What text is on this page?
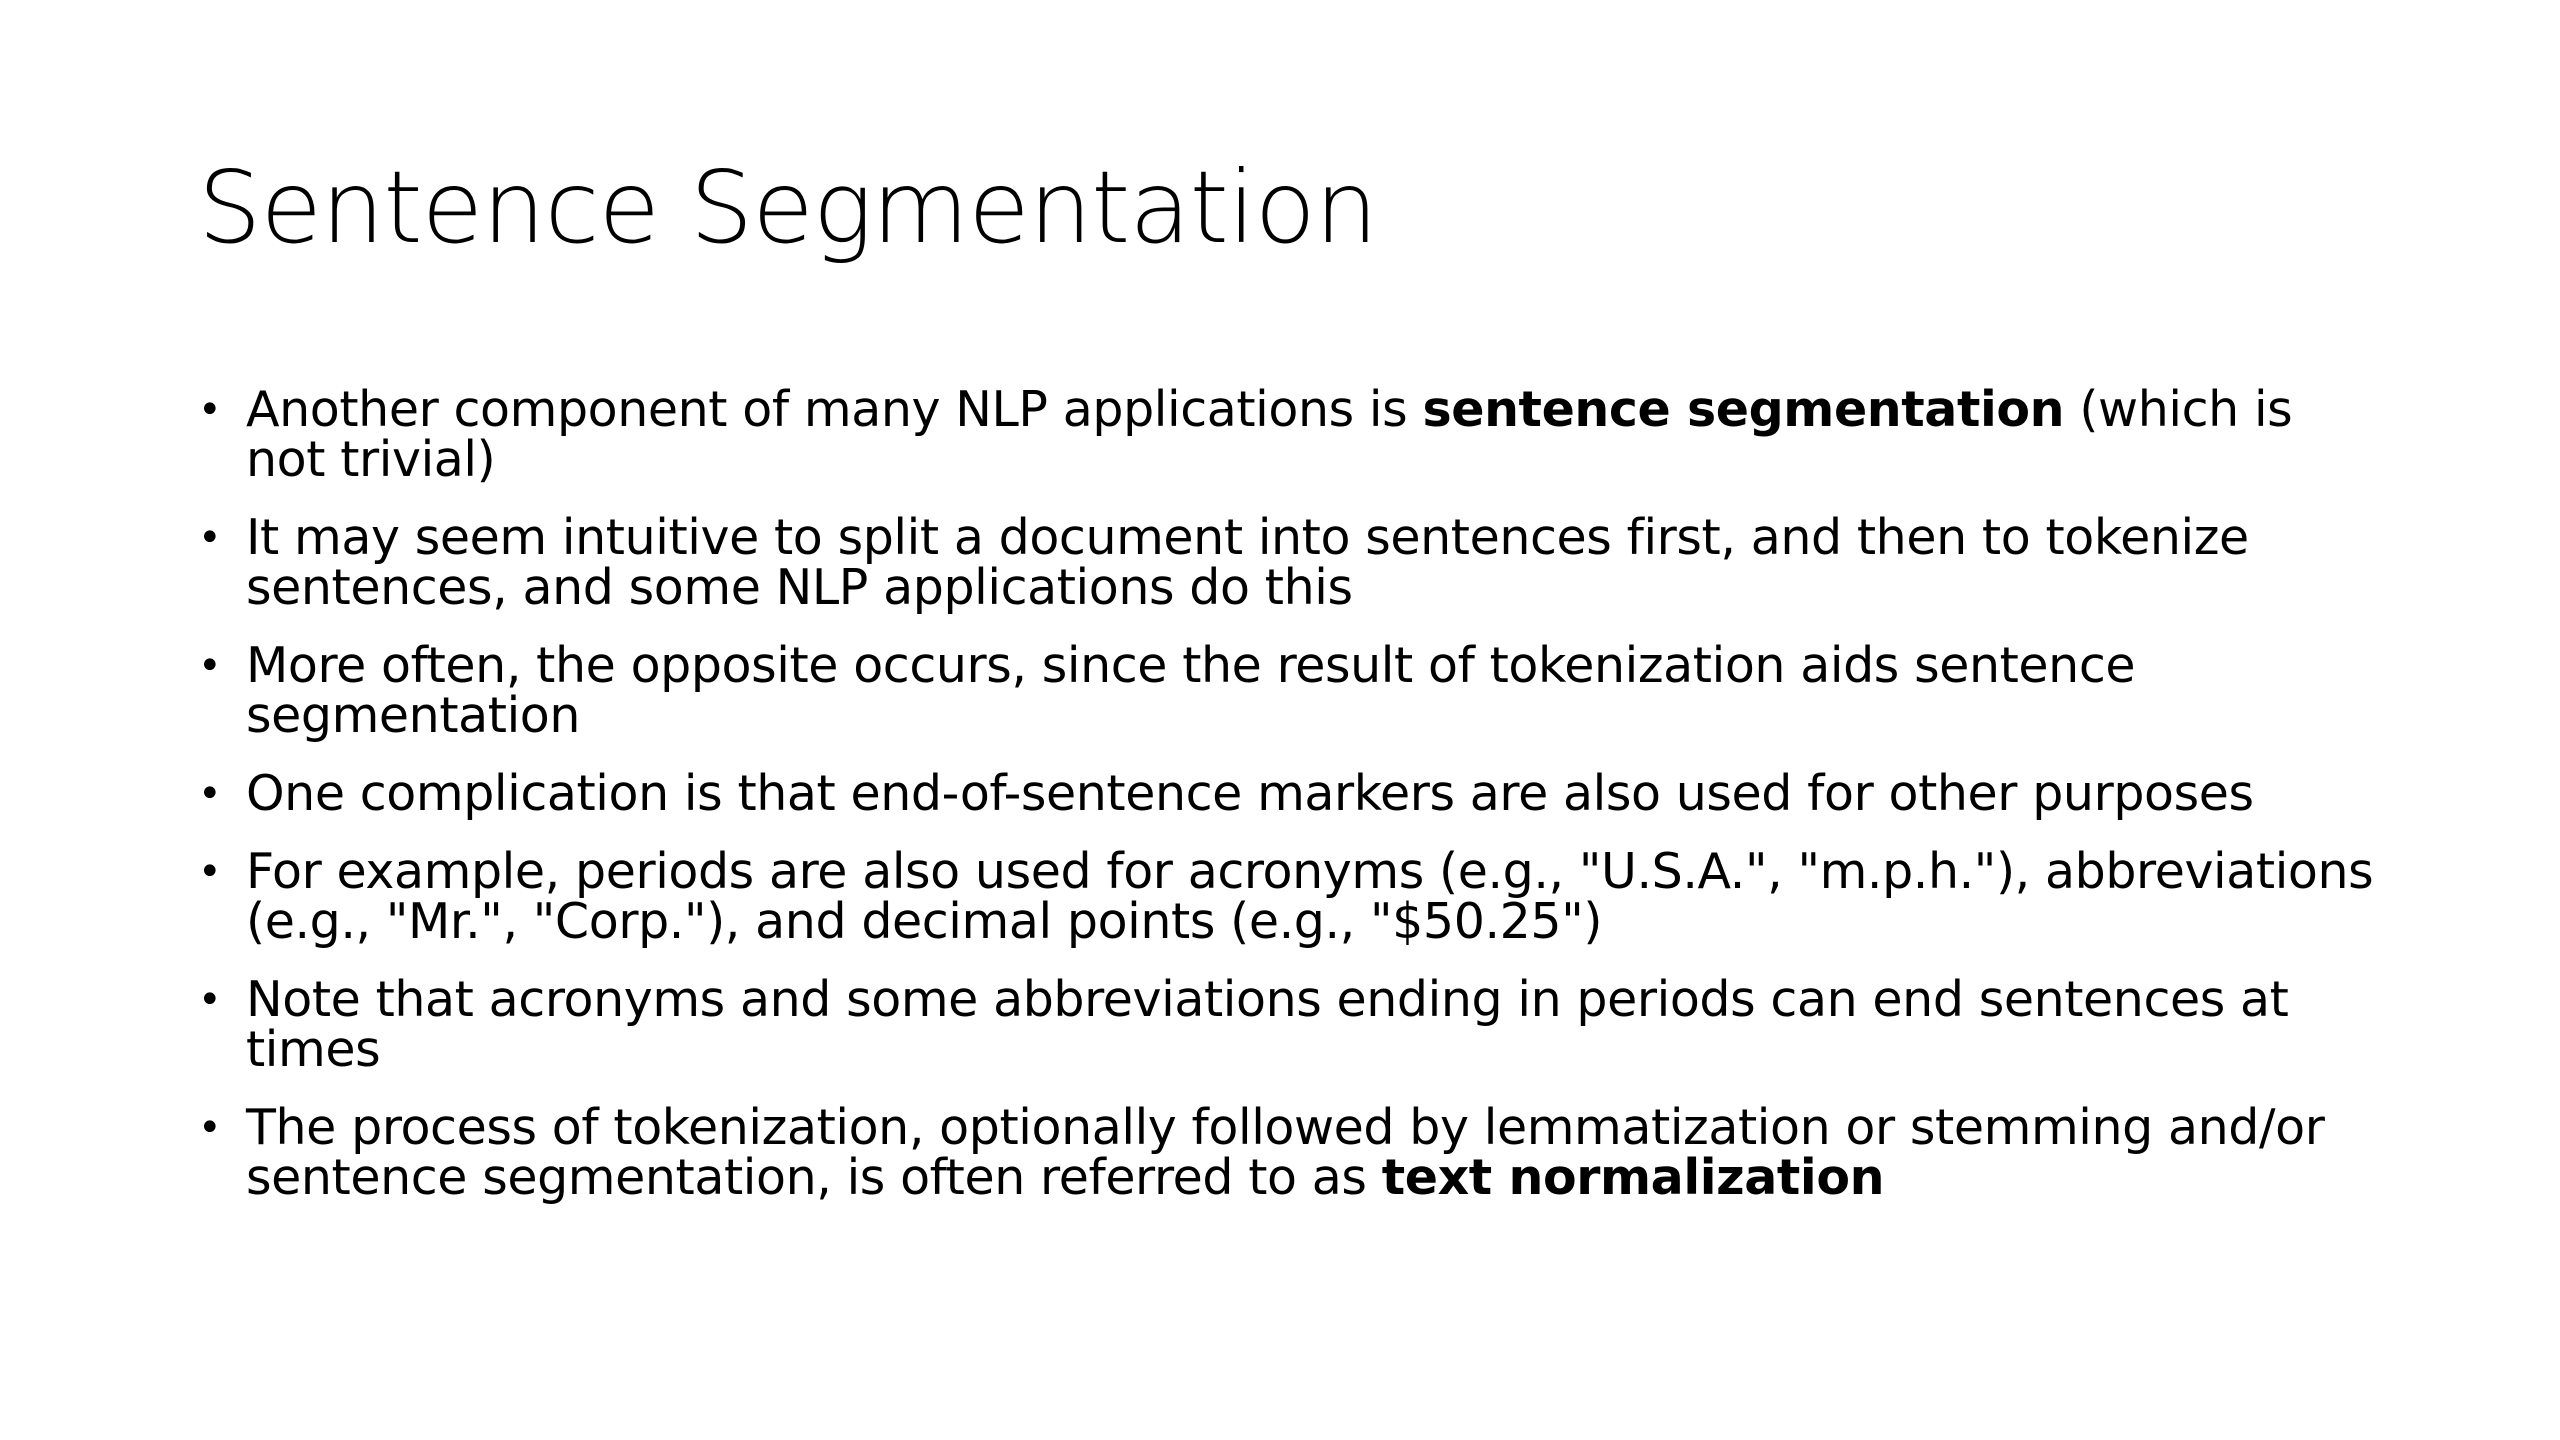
Sentence Segmentation
• Another component of many NLP applications is sentence segmentation (which is not trivial)
• It may seem intuitive to split a document into sentences first, and then to tokenize sentences, and some NLP applications do this
• More often, the opposite occurs, since the result of tokenization aids sentence segmentation
• One complication is that end-of-sentence markers are also used for other purposes
• For example, periods are also used for acronyms (e.g., "U.S.A.", "m.p.h."), abbreviations (e.g., "Mr.", "Corp."), and decimal points (e.g., "$50.25")
• Note that acronyms and some abbreviations ending in periods can end sentences at times
• The process of tokenization, optionally followed by lemmatization or stemming and/or sentence segmentation, is often referred to as text normalization
